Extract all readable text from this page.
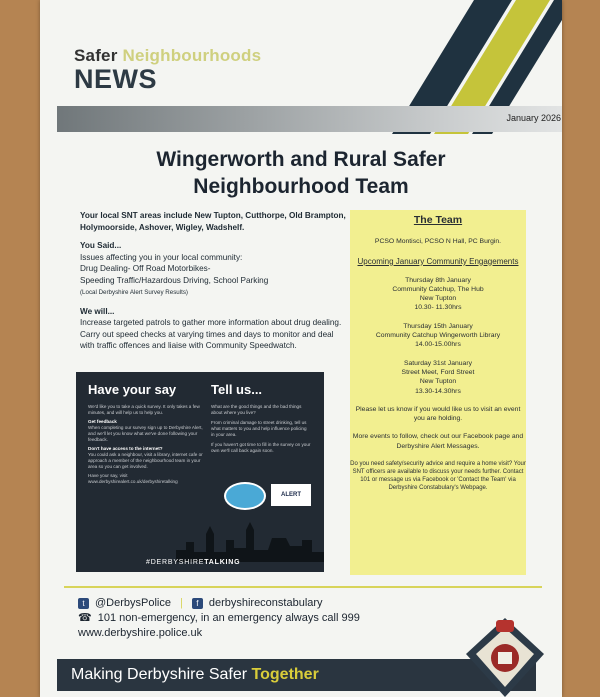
Safer Neighbourhoods
NEWS
January 2026
Wingerworth and Rural Safer
Neighbourhood Team

Your local SNT areas include New Tupton, Cutthorpe, Old Brampton, Holymoorside, Ashover, Wigley, Wadshelf.

You Said...
Issues affecting you in your local community:
Drug Dealing- Off Road Motorbikes-
Speeding Traffic/Hazardous Driving, School Parking
(Local Derbyshire Alert Survey Results)

We will...
Increase targeted patrols to gather more information about drug dealing.
Carry out speed checks at varying times and days to monitor and deal with traffic offences and liaise with Community Speedwatch.

Have your say	Tell us...
We'd like you to take a quick survey. It only takes a few minutes, and will help us to help you.
Get feedback
When completing our survey sign up to Derbyshire Alert, and we'll let you know what we've done following your feedback.
Don't have access to the internet?
You could ask a neighbour, visit a library, internet cafe or approach a member of the neighbourhood team in your area so you can get involved.
Have your say, visit www.derbyshirealert.co.uk/derbyshiretalking

What are the good things and the bad things about where you live?

From criminal damage to street drinking, tell us what matters to you and help influence policing in your area.

If you haven't got time to fill in the survey on your own we'll call back again soon.

ALERT
#DERBYSHIRETALKING
The Team

PCSO Montisci, PCSO N Hall, PC Burgin.

Upcoming January Community Engagements

Thursday 8th January
Community Catchup, The Hub
New Tupton
10.30- 11.30hrs

Thursday 15th January
Community Catchup Wingerworth Library
14.00-15.00hrs

Saturday 31st January
Street Meet, Ford Street
New Tupton
13.30-14.30hrs

Please let us know if you would like us to visit an event you are holding.

More events to follow, check out our Facebook page and Derbyshire Alert Messages.

Do you need safety/security advice and require a home visit? Your SNT officers are available to discuss your needs further. Contact 101 or message us via Facebook or 'Contact the Team' via Derbyshire Constabulary's Webpage.

t @DerbysPolice |	f derbyshireconstabulary
☎ 101 non-emergency, in an emergency always call 999
www.derbyshire.police.uk
Making Derbyshire Safer Together
